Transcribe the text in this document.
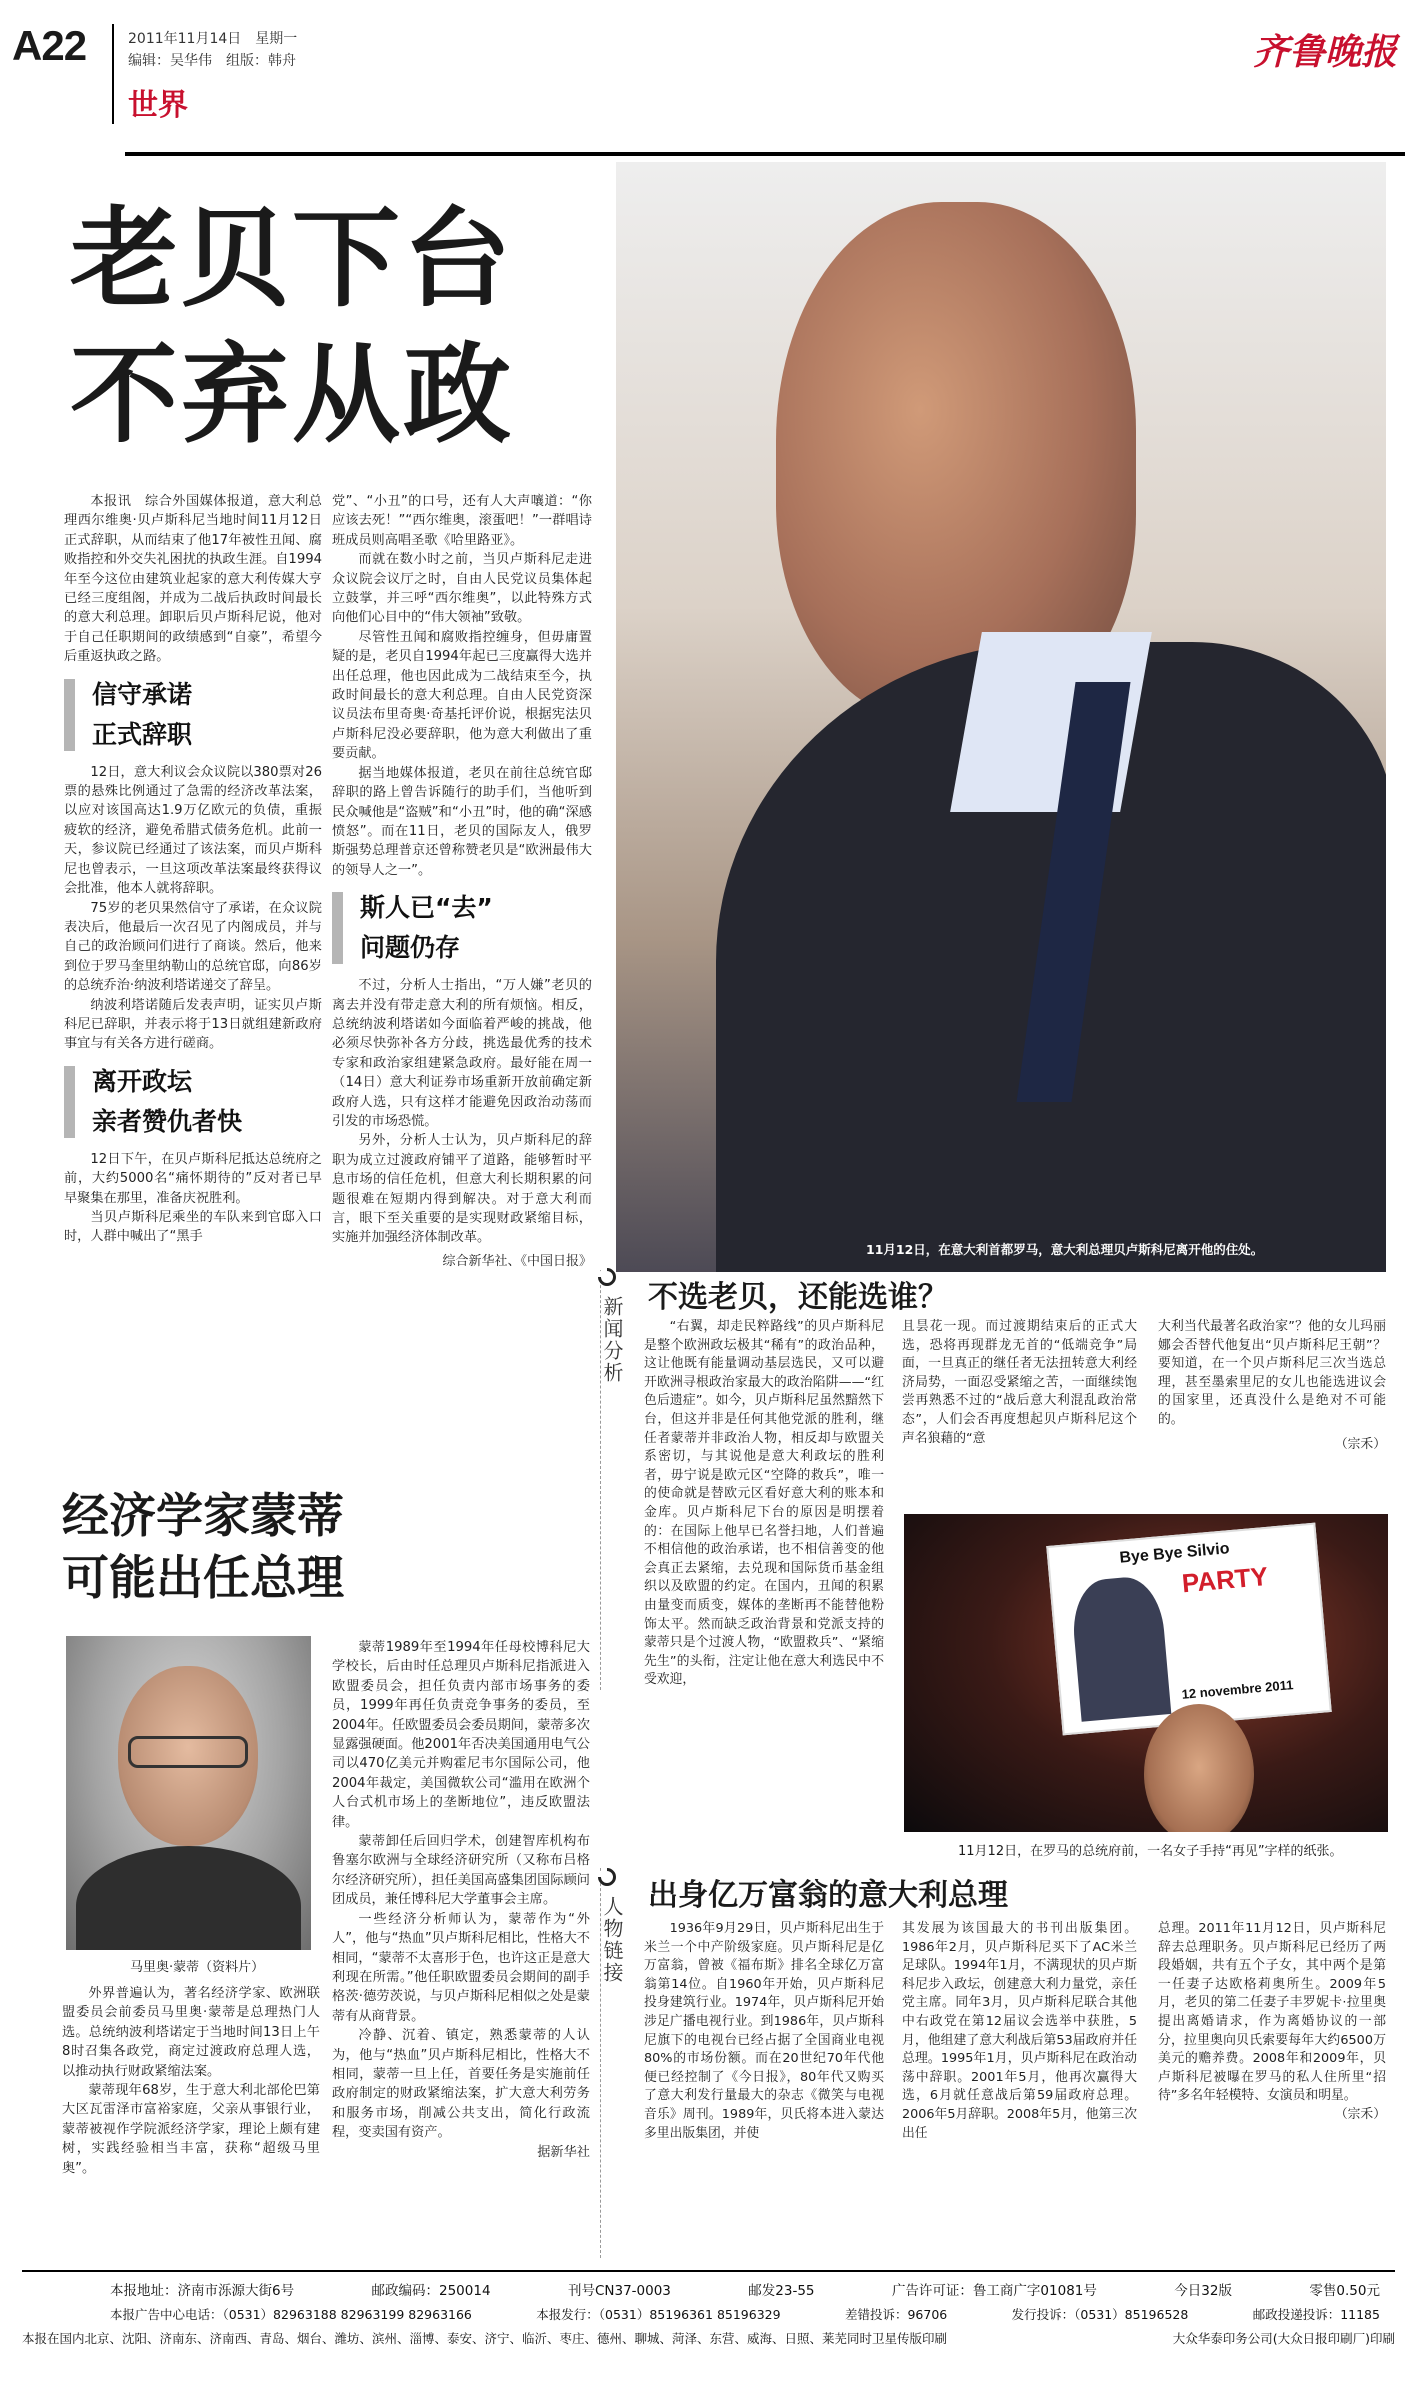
A22	2011年11月14日　星期一
编辑：吴华伟　组版：韩舟
世界
齐鲁晚报
11月12日，在意大利首都罗马，意大利总理贝卢斯科尼离开他的住处。
老贝下台
不弃从政

本报讯　综合外国媒体报道，意大利总理西尔维奥·贝卢斯科尼当地时间11月12日正式辞职，从而结束了他17年被性丑闻、腐败指控和外交失礼困扰的执政生涯。自1994年至今这位由建筑业起家的意大利传媒大亨已经三度组阁，并成为二战后执政时间最长的意大利总理。卸职后贝卢斯科尼说，他对于自己任职期间的政绩感到“自豪”，希望今后重返执政之路。

信守承诺
正式辞职

12日，意大利议会众议院以380票对26票的悬殊比例通过了急需的经济改革法案，以应对该国高达1.9万亿欧元的负债，重振疲软的经济，避免希腊式债务危机。此前一天，参议院已经通过了该法案，而贝卢斯科尼也曾表示，一旦这项改革法案最终获得议会批准，他本人就将辞职。

75岁的老贝果然信守了承诺，在众议院表决后，他最后一次召见了内阁成员，并与自己的政治顾问们进行了商谈。然后，他来到位于罗马奎里纳勒山的总统官邸，向86岁的总统乔治·纳波利塔诺递交了辞呈。

纳波利塔诺随后发表声明，证实贝卢斯科尼已辞职，并表示将于13日就组建新政府事宜与有关各方进行磋商。

离开政坛
亲者赞仇者快

12日下午，在贝卢斯科尼抵达总统府之前，大约5000名“痛怀期待的”反对者已早早聚集在那里，准备庆祝胜利。

当贝卢斯科尼乘坐的车队来到官邸入口时，人群中喊出了“黑手

党”、“小丑”的口号，还有人大声嚷道：“你应该去死！”“西尔维奥，滚蛋吧！”一群唱诗班成员则高唱圣歌《哈里路亚》。

而就在数小时之前，当贝卢斯科尼走进众议院会议厅之时，自由人民党议员集体起立鼓掌，并三呼“西尔维奥”，以此特殊方式向他们心目中的“伟大领袖”致敬。

尽管性丑闻和腐败指控缠身，但毋庸置疑的是，老贝自1994年起已三度赢得大选并出任总理，他也因此成为二战结束至今，执政时间最长的意大利总理。自由人民党资深议员法布里奇奥·奇基托评价说，根据宪法贝卢斯科尼没必要辞职，他为意大利做出了重要贡献。

据当地媒体报道，老贝在前往总统官邸辞职的路上曾告诉随行的助手们，当他听到民众喊他是“盗贼”和“小丑”时，他的确“深感愤怒”。而在11日，老贝的国际友人，俄罗斯强势总理普京还曾称赞老贝是“欧洲最伟大的领导人之一”。

斯人已“去”
问题仍存

不过，分析人士指出，“万人嫌”老贝的离去并没有带走意大利的所有烦恼。相反，总统纳波利塔诺如今面临着严峻的挑战，他必须尽快弥补各方分歧，挑选最优秀的技术专家和政治家组建紧急政府。最好能在周一（14日）意大利证券市场重新开放前确定新政府人选，只有这样才能避免因政治动荡而引发的市场恐慌。

另外，分析人士认为，贝卢斯科尼的辞职为成立过渡政府铺平了道路，能够暂时平息市场的信任危机，但意大利长期积累的问题很难在短期内得到解决。对于意大利而言，眼下至关重要的是实现财政紧缩目标，实施并加强经济体制改革。

综合新华社、《中国日报》
新闻分析 不选老贝，还能选谁？

“右翼，却走民粹路线”的贝卢斯科尼是整个欧洲政坛极其“稀有”的政治品种，这让他既有能量调动基层选民，又可以避开欧洲寻根政治家最大的政治陷阱——“红色后遗症”。如今，贝卢斯科尼虽然黯然下台，但这并非是任何其他党派的胜利，继任者蒙蒂并非政治人物，相反却与欧盟关系密切，与其说他是意大利政坛的胜利者，毋宁说是欧元区“空降的救兵”，唯一的使命就是替欧元区看好意大利的账本和金库。贝卢斯科尼下台的原因是明摆着的：在国际上他早已名誉扫地，人们普遍不相信他的政治承诺，也不相信善变的他会真正去紧缩，去兑现和国际货币基金组织以及欧盟的约定。在国内，丑闻的积累由量变而质变，媒体的垄断再不能替他粉饰太平。然而缺乏政治背景和党派支持的蒙蒂只是个过渡人物，“欧盟救兵”、“紧缩先生”的头衔，注定让他在意大利选民中不受欢迎，

且昙花一现。而过渡期结束后的正式大选，恐将再现群龙无首的“低端竞争”局面，一旦真正的继任者无法扭转意大利经济局势，一面忍受紧缩之苦，一面继续饱尝再熟悉不过的“战后意大利混乱政治常态”，人们会否再度想起贝卢斯科尼这个声名狼藉的“意

大利当代最著名政治家”？他的女儿玛丽娜会否替代他复出“贝卢斯科尼王朝”？要知道，在一个贝卢斯科尼三次当选总理，甚至墨索里尼的女儿也能选进议会的国家里，还真没什么是绝对不可能的。

（宗禾）
Bye Bye Silvio
PARTY
12 novembre 2011
11月12日，在罗马的总统府前，一名女子手持“再见”字样的纸张。
经济学家蒙蒂
可能出任总理
马里奥·蒙蒂（资料片）

外界普遍认为，著名经济学家、欧洲联盟委员会前委员马里奥·蒙蒂是总理热门人选。总统纳波利塔诺定于当地时间13日上午8时召集各政党，商定过渡政府总理人选，以推动执行财政紧缩法案。

蒙蒂现年68岁，生于意大利北部伦巴第大区瓦雷泽市富裕家庭，父亲从事银行业，蒙蒂被视作学院派经济学家，理论上颇有建树，实践经验相当丰富，获称“超级马里奥”。

蒙蒂1989年至1994年任母校博科尼大学校长，后由时任总理贝卢斯科尼指派进入欧盟委员会，担任负责内部市场事务的委员，1999年再任负责竞争事务的委员，至2004年。任欧盟委员会委员期间，蒙蒂多次显露强硬面。他2001年否决美国通用电气公司以470亿美元并购霍尼韦尔国际公司，他2004年裁定，美国微软公司“滥用在欧洲个人台式机市场上的垄断地位”，违反欧盟法律。

蒙蒂卸任后回归学术，创建智库机构布鲁塞尔欧洲与全球经济研究所（又称布吕格尔经济研究所），担任美国高盛集团国际顾问团成员，兼任博科尼大学董事会主席。

一些经济分析师认为，蒙蒂作为“外人”，他与“热血”贝卢斯科尼相比，性格大不相同，“蒙蒂不太喜形于色，也许这正是意大利现在所需。”他任职欧盟委员会期间的副手格茨·德劳茨说，与贝卢斯科尼相似之处是蒙蒂有从商背景。

冷静、沉着、镇定，熟悉蒙蒂的人认为，他与“热血”贝卢斯科尼相比，性格大不相同，蒙蒂一旦上任，首要任务是实施前任政府制定的财政紧缩法案，扩大意大利劳务和服务市场，削减公共支出，简化行政流程，变卖国有资产。

据新华社
人物链接
出身亿万富翁的意大利总理

1936年9月29日，贝卢斯科尼出生于米兰一个中产阶级家庭。贝卢斯科尼是亿万富翁，曾被《福布斯》排名全球亿万富翁第14位。自1960年开始，贝卢斯科尼投身建筑行业。1974年，贝卢斯科尼开始涉足广播电视行业。到1986年，贝卢斯科尼旗下的电视台已经占据了全国商业电视80%的市场份额。而在20世纪70年代他便已经控制了《今日报》，80年代又购买了意大利发行量最大的杂志《微笑与电视音乐》周刊。1989年，贝氏将本进入蒙达多里出版集团，并使

其发展为该国最大的书刊出版集团。1986年2月，贝卢斯科尼买下了AC米兰足球队。1994年1月，不满现状的贝卢斯科尼步入政坛，创建意大利力量党，亲任党主席。同年3月，贝卢斯科尼联合其他中右政党在第12届议会选举中获胜，5月，他组建了意大利战后第53届政府并任总理。1995年1月，贝卢斯科尼在政治动荡中辞职。2001年5月，他再次赢得大选，6月就任意战后第59届政府总理。2006年5月辞职。2008年5月，他第三次出任

总理。2011年11月12日，贝卢斯科尼辞去总理职务。贝卢斯科尼已经历了两段婚姻，共有五个子女，其中两个是第一任妻子达欧格莉奥所生。2009年5月，老贝的第二任妻子丰罗妮卡·拉里奥提出离婚请求，作为离婚协议的一部分，拉里奥向贝氏索要每年大约6500万美元的赡养费。2008年和2009年，贝卢斯科尼被曝在罗马的私人住所里“招待”多名年轻模特、女演员和明星。

（宗禾）
本报地址：济南市泺源大街6号	邮政编码：250014	刊号CN37-0003	邮发23-55	广告许可证：鲁工商广字01081号	今日32版	零售0.50元
本报广告中心电话：（0531）82963188 82963199 82963166	本报发行：（0531）85196361 85196329	差错投诉：96706	发行投诉：（0531）85196528	邮政投递投诉：11185
本报在国内北京、沈阳、济南东、济南西、青岛、烟台、潍坊、滨州、淄博、泰安、济宁、临沂、枣庄、德州、聊城、菏泽、东营、威海、日照、莱芜同时卫星传版印刷	大众华泰印务公司(大众日报印刷厂)印刷
